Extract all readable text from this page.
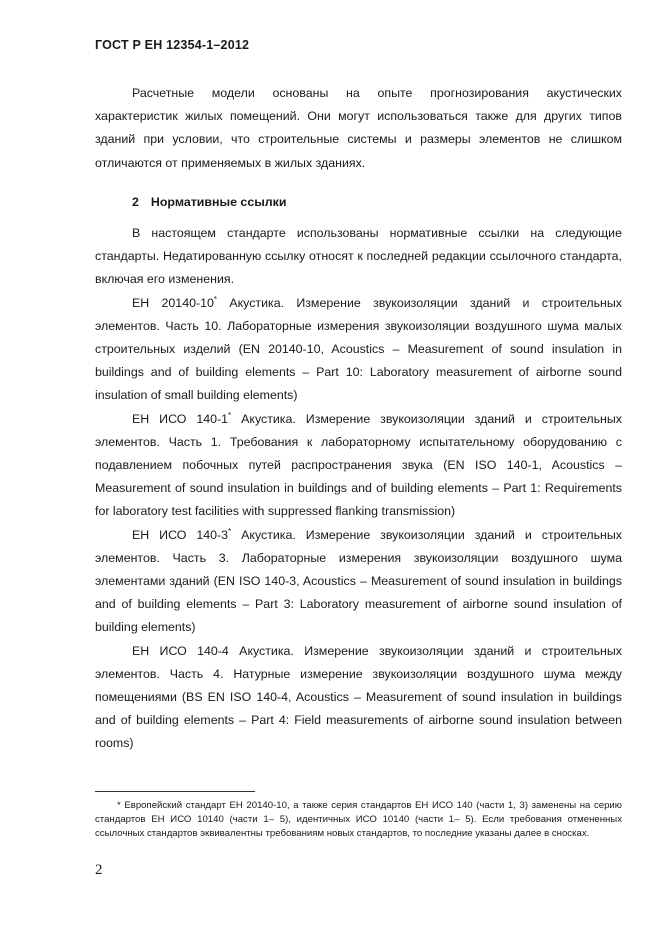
ГОСТ Р ЕН 12354-1–2012

Расчетные модели основаны на опыте прогнозирования акустических характеристик жилых помещений. Они могут использоваться также для других типов зданий при условии, что строительные системы и размеры элементов не слишком отличаются от применяемых в жилых зданиях.

2 Нормативные ссылки

В настоящем стандарте использованы нормативные ссылки на следующие стандарты. Недатированную ссылку относят к последней редакции ссылочного стандарта, включая его изменения.

ЕН 20140-10* Акустика. Измерение звукоизоляции зданий и строительных элементов. Часть 10. Лабораторные измерения звукоизоляции воздушного шума малых строительных изделий (EN 20140-10, Acoustics – Measurement of sound insulation in buildings and of building elements – Part 10: Laboratory measurement of airborne sound insulation of small building elements)

ЕН ИСО 140-1* Акустика. Измерение звукоизоляции зданий и строительных элементов. Часть 1. Требования к лабораторному испытательному оборудованию с подавлением побочных путей распространения звука (EN ISO 140-1, Acoustics – Measurement of sound insulation in buildings and of building elements – Part 1: Requirements for laboratory test facilities with suppressed flanking transmission)

ЕН ИСО 140-3* Акустика. Измерение звукоизоляции зданий и строительных элементов. Часть 3. Лабораторные измерения звукоизоляции воздушного шума элементами зданий (EN ISO 140-3, Acoustics – Measurement of sound insulation in buildings and of building elements – Part 3: Laboratory measurement of airborne sound insulation of building elements)

ЕН ИСО 140-4 Акустика. Измерение звукоизоляции зданий и строительных элементов. Часть 4. Натурные измерение звукоизоляции воздушного шума между помещениями (BS EN ISO 140-4, Acoustics – Measurement of sound insulation in buildings and of building elements – Part 4: Field measurements of airborne sound insulation between rooms)

* Европейский стандарт ЕН 20140-10, а также серия стандартов ЕН ИСО 140 (части 1, 3) заменены на серию стандартов ЕН ИСО 10140 (части 1– 5), идентичных ИСО 10140 (части 1– 5). Если требования отмененных ссылочных стандартов эквивалентны требованиям новых стандартов, то последние указаны далее в сносках.
2
